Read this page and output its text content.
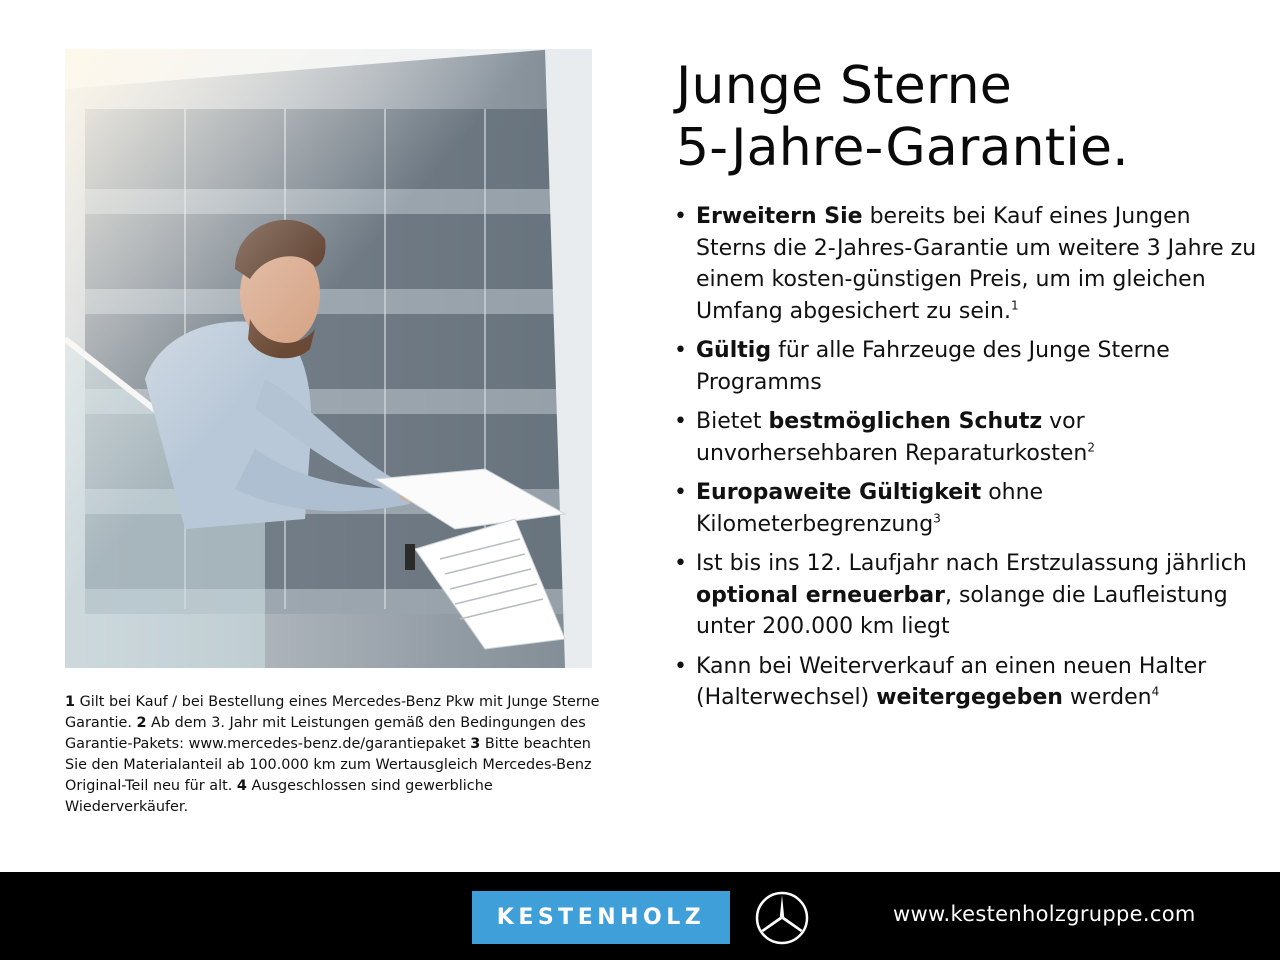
1 Gilt bei Kauf / bei Bestellung eines Mercedes-Benz Pkw mit Junge Sterne Garantie. 2 Ab dem 3. Jahr mit Leistungen gemäß den Bedingungen des Garantie-Pakets: www.mercedes-benz.de/garantiepaket 3 Bitte beachten Sie den Materialanteil ab 100.000 km zum Wertausgleich Mercedes-Benz Original-Teil neu für alt. 4 Ausgeschlossen sind gewerbliche Wiederverkäufer.
Junge Sterne
5-Jahre-Garantie.
• Erweitern Sie bereits bei Kauf eines Jungen Sterns die 2-Jahres-Garantie um weitere 3 Jahre zu einem kosten-günstigen Preis, um im gleichen Umfang abgesichert zu sein.$^1$
• Gültig für alle Fahrzeuge des Junge Sterne Programms
• Bietet bestmöglichen Schutz vor unvorhersehbaren Reparaturkosten$^2$
• Europaweite Gültigkeit ohne Kilometerbegrenzung$^3$
• Ist bis ins 12. Laufjahr nach Erstzulassung jährlich optional erneuerbar, solange die Laufleistung unter 200.000 km liegt
• Kann bei Weiterverkauf an einen neuen Halter (Halterwechsel) weitergegeben werden$^4$
KESTENHOLZ	www.kestenholzgruppe.com
